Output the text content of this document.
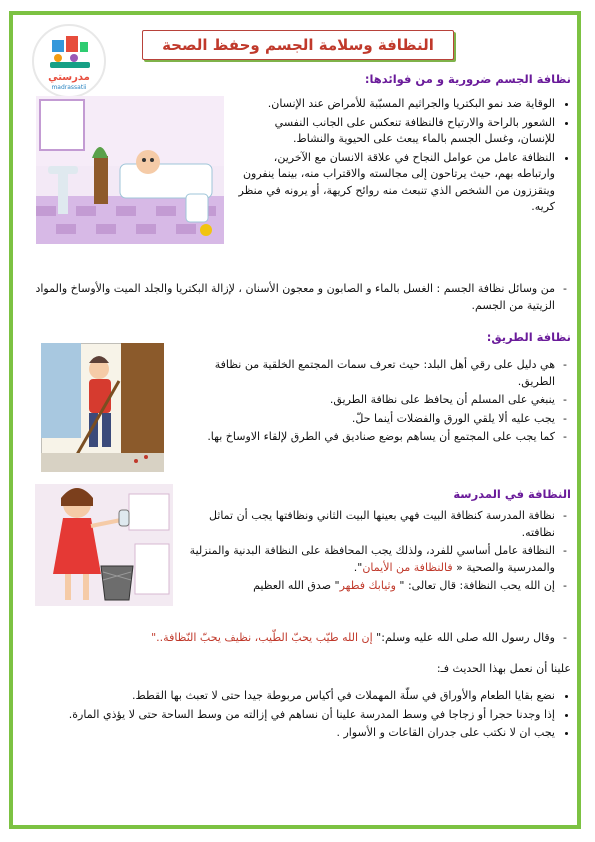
مدرستي
madrassatii
النظافة وسلامة الجسم وحفظ الصحة
نظافة الجسم ضرورية و من فوائدها:
• الوقاية ضد نمو البكتريا والجراثيم المسبّبة للأمراض عند الإنسان.
• الشعور بالراحة والارتياح فالنظافة تنعكس على الجانب النفسي للإنسان، وغسل الجسم بالماء يبعث على الحيوية والنشاط.
• النظافة عامل من عوامل النجاح في علاقة الانسان مع الآخرين، وارتباطه بهم، حيث يرتاحون إلى مجالسته والاقتراب منه، بينما ينفرون ويتقززون من الشخص الذي تنبعث منه روائح كريهة، أو يرونه في منظر كريه.
- من وسائل نظافة الجسم : الغسل بالماء و الصابون و معجون الأسنان ، لإزالة البكتريا والجلد الميت والأوساخ والمواد الزيتية من الجسم.
نظافة الطريق:
- هي دليل على رقي أهل البلد: حيث تعرف سمات المجتمع الخلقية من نظافة الطريق.
- ينبغي على المسلم أن يحافظ على نظافة الطريق.
- يجب عليه ألا يلقي الورق والفضلات أينما حلّ.
- كما يجب على المجتمع أن يساهم بوضع صناديق في الطرق لإلقاء الاوساخ بها.
النظافة في المدرسة
- نظافة المدرسة كنظافة البيت فهي بعينها البيت الثاني ونظافتها يجب أن تماثل نظافته.
- النظافة عامل أساسي للفرد، ولذلك يجب المحافظة على النظافة البدنية والمنزلية والمدرسية والصحية « فالنظافة من الأيمان".
- إن الله يحب النظافة: قال تعالى: " وثيابك فطهر" صدق الله العظيم
- وقال رسول الله صلى الله عليه وسلم:" إن الله طيّب يحبّ الطّيب، نظيف يحبّ النّظافة.."
علينا أن نعمل بهذا الحديث فـ:
• نضع بقايا الطعام والأوراق في سلّة المهملات في أكياس مربوطة جيدا حتى لا تعبث بها القطط.
• إذا وجدنا حجرا أو زجاجا في وسط المدرسة علينا أن نساهم في إزالته من وسط الساحة حتى لا يؤذي المارة.
• يجب ان لا نكتب على جدران القاعات و الأسوار .
